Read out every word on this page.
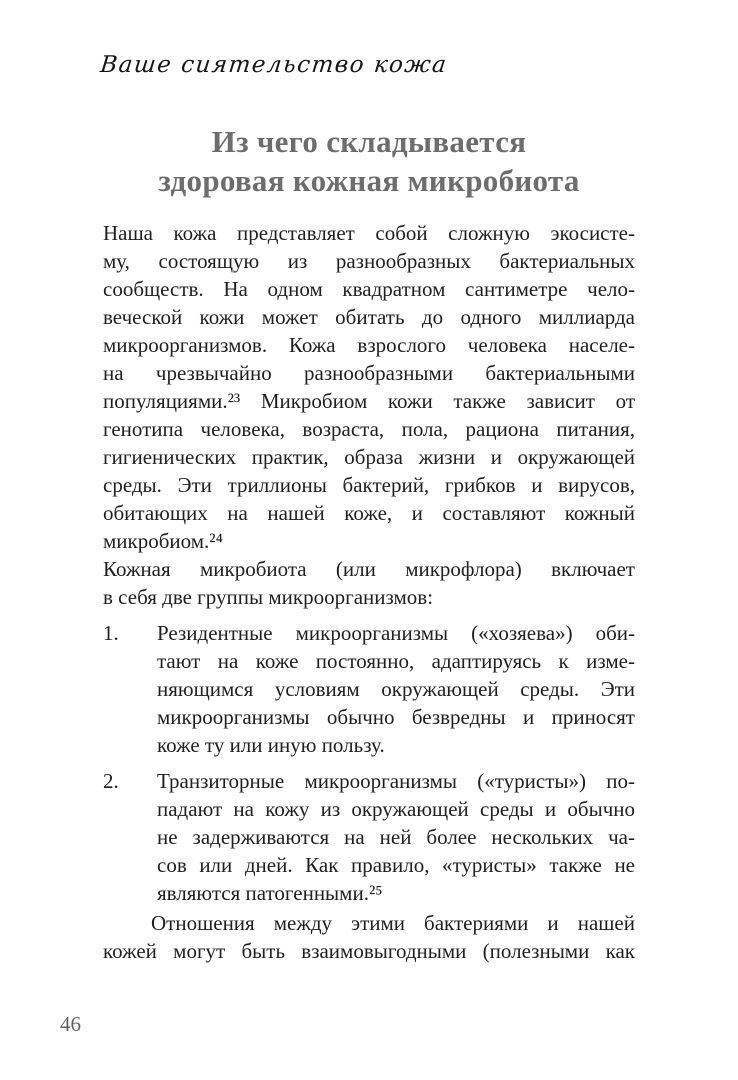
Ваше сиятельство кожа
Из чего складывается
здоровая кожная микробиота
Наша кожа представляет собой сложную экосисте-
му, состоящую из разнообразных бактериальных
сообществ. На одном квадратном сантиметре чело-
веческой кожи может обитать до одного миллиарда
микроорганизмов. Кожа взрослого человека населе-
на чрезвычайно разнообразными бактериальными
популяциями.²³ Микробиом кожи также зависит от
генотипа человека, возраста, пола, рациона питания,
гигиенических практик, образа жизни и окружающей
среды. Эти триллионы бактерий, грибков и вирусов,
обитающих на нашей коже, и составляют кожный
микробиом.²⁴
Кожная микробиота (или микрофлора) включает
в себя две группы микроорганизмов:
1.	Резидентные микроорганизмы («хозяева») оби-
тают на коже постоянно, адаптируясь к изме-
няющимся условиям окружающей среды. Эти
микроорганизмы обычно безвредны и приносят
коже ту или иную пользу.
2.	Транзиторные микроорганизмы («туристы») по-
падают на кожу из окружающей среды и обычно
не задерживаются на ней более нескольких ча-
сов или дней. Как правило, «туристы» также не
являются патогенными.²⁵
Отношения между этими бактериями и нашей
кожей могут быть взаимовыгодными (полезными как
46
